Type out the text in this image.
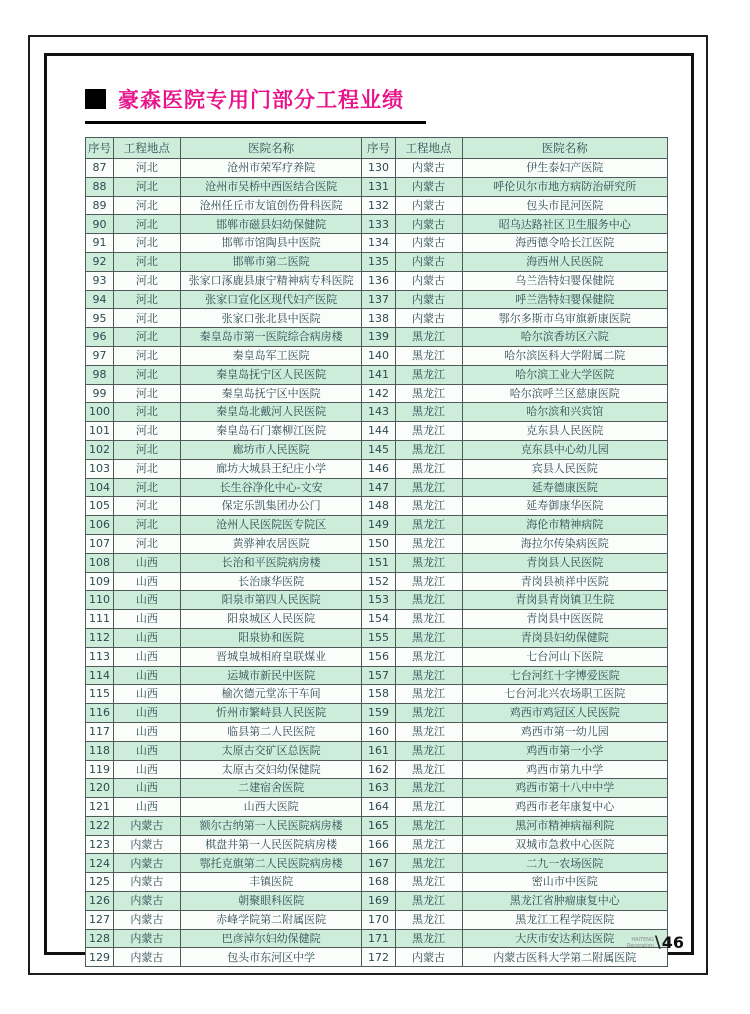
豪森医院专用门部分工程业绩
序号	工程地点	医院名称	序号	工程地点	医院名称
87	河北	沧州市荣军疗养院	130	内蒙古	伊生泰妇产医院
88	河北	沧州市吴桥中西医结合医院	131	内蒙古	呼伦贝尔市地方病防治研究所
89	河北	沧州任丘市友谊创伤骨科医院	132	内蒙古	包头市昆河医院
90	河北	邯郸市磁县妇幼保健院	133	内蒙古	昭乌达路社区卫生服务中心
91	河北	邯郸市馆陶县中医院	134	内蒙古	海西德令哈长江医院
92	河北	邯郸市第二医院	135	内蒙古	海西州人民医院
93	河北	张家口涿鹿县康宁精神病专科医院	136	内蒙古	乌兰浩特妇婴保健院
94	河北	张家口宣化区现代妇产医院	137	内蒙古	呼兰浩特妇婴保健院
95	河北	张家口张北县中医院	138	内蒙古	鄂尔多斯市乌审旗新康医院
96	河北	秦皇岛市第一医院综合病房楼	139	黑龙江	哈尔滨香坊区六院
97	河北	秦皇岛军工医院	140	黑龙江	哈尔滨医科大学附属二院
98	河北	秦皇岛抚宁区人民医院	141	黑龙江	哈尔滨工业大学医院
99	河北	秦皇岛抚宁区中医院	142	黑龙江	哈尔滨呼兰区慈康医院
100	河北	秦皇岛北戴河人民医院	143	黑龙江	哈尔滨和兴宾馆
101	河北	秦皇岛石门寨柳江医院	144	黑龙江	克东县人民医院
102	河北	廊坊市人民医院	145	黑龙江	克东县中心幼儿园
103	河北	廊坊大城县王纪庄小学	146	黑龙江	宾县人民医院
104	河北	长生谷净化中心-文安	147	黑龙江	延寿德康医院
105	河北	保定乐凯集团办公门	148	黑龙江	延寿御康华医院
106	河北	沧州人民医院医专院区	149	黑龙江	海伦市精神病院
107	河北	黄骅神农居医院	150	黑龙江	海拉尔传染病医院
108	山西	长治和平医院病房楼	151	黑龙江	青岗县人民医院
109	山西	长治康华医院	152	黑龙江	青岗县祯祥中医院
110	山西	阳泉市第四人民医院	153	黑龙江	青岗县青岗镇卫生院
111	山西	阳泉城区人民医院	154	黑龙江	青岗县中医医院
112	山西	阳泉协和医院	155	黑龙江	青岗县妇幼保健院
113	山西	晋城皇城相府皇联煤业	156	黑龙江	七台河山下医院
114	山西	运城市新民中医院	157	黑龙江	七台河红十字博爱医院
115	山西	榆次德元堂冻干车间	158	黑龙江	七台河北兴农场职工医院
116	山西	忻州市繁峙县人民医院	159	黑龙江	鸡西市鸡冠区人民医院
117	山西	临县第二人民医院	160	黑龙江	鸡西市第一幼儿园
118	山西	太原古交矿区总医院	161	黑龙江	鸡西市第一小学
119	山西	太原古交妇幼保健院	162	黑龙江	鸡西市第九中学
120	山西	二建宿舍医院	163	黑龙江	鸡西市第十八中中学
121	山西	山西大医院	164	黑龙江	鸡西市老年康复中心
122	内蒙古	额尔古纳第一人民医院病房楼	165	黑龙江	黑河市精神病福利院
123	内蒙古	棋盘井第一人民医院病房楼	166	黑龙江	双城市急救中心医院
124	内蒙古	鄂托克旗第二人民医院病房楼	167	黑龙江	二九一农场医院
125	内蒙古	丰镇医院	168	黑龙江	密山市中医院
126	内蒙古	朝聚眼科医院	169	黑龙江	黑龙江省肿瘤康复中心
127	内蒙古	赤峰学院第二附属医院	170	黑龙江	黑龙江工程学院医院
128	内蒙古	巴彦淖尔妇幼保健院	171	黑龙江	大庆市安达利达医院
129	内蒙古	包头市东河区中学	172	内蒙古	内蒙古医科大学第二附属医院
HAITENG
Decoration \ 46
